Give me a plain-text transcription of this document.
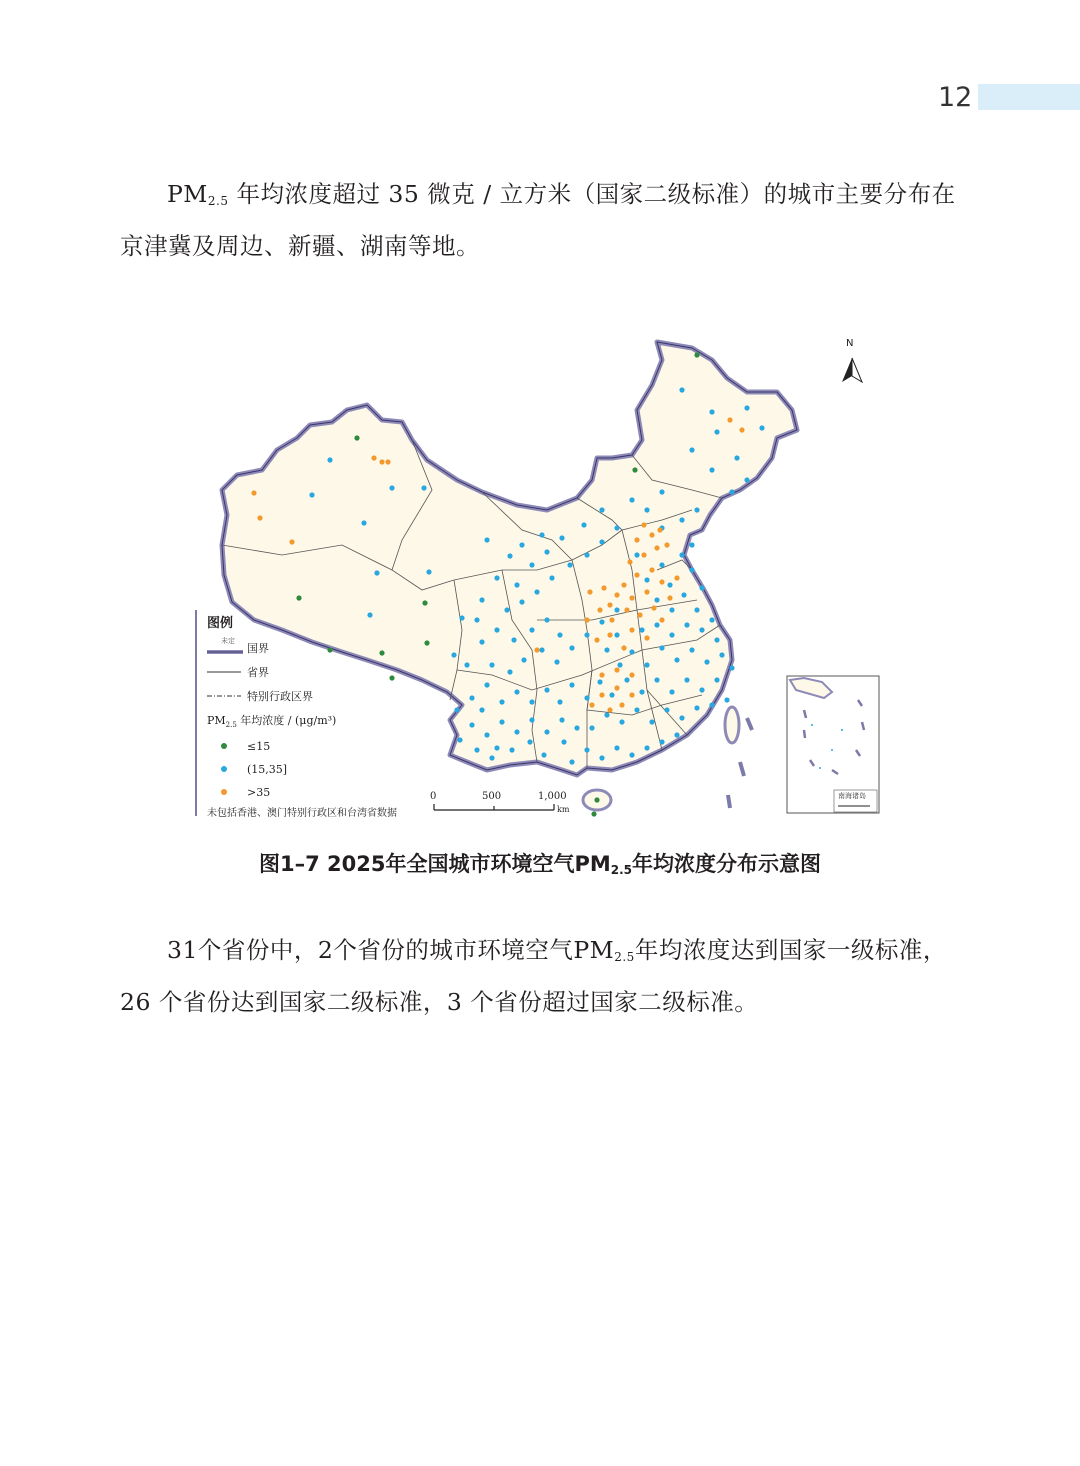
12

$PM_{2.5}$ 年均浓度超过 35 微克 / 立方米（国家二级标准）的城市主要分布在京津冀及周边、新疆、湖南等地。

图例
未定
国界
省界
特别行政区界
$PM_{2.5}$ 年均浓度 / (μg/m³)
≤15
(15,35]
>35
未包括香港、澳门特别行政区和台湾省数据
0	500	1,000
km
N
南海诸岛
图1–7 2025年全国城市环境空气$PM_{2.5}$年均浓度分布示意图

31个省份中，2个省份的城市环境空气$PM_{2.5}$年均浓度达到国家一级标准，26 个省份达到国家二级标准，3 个省份超过国家二级标准。
